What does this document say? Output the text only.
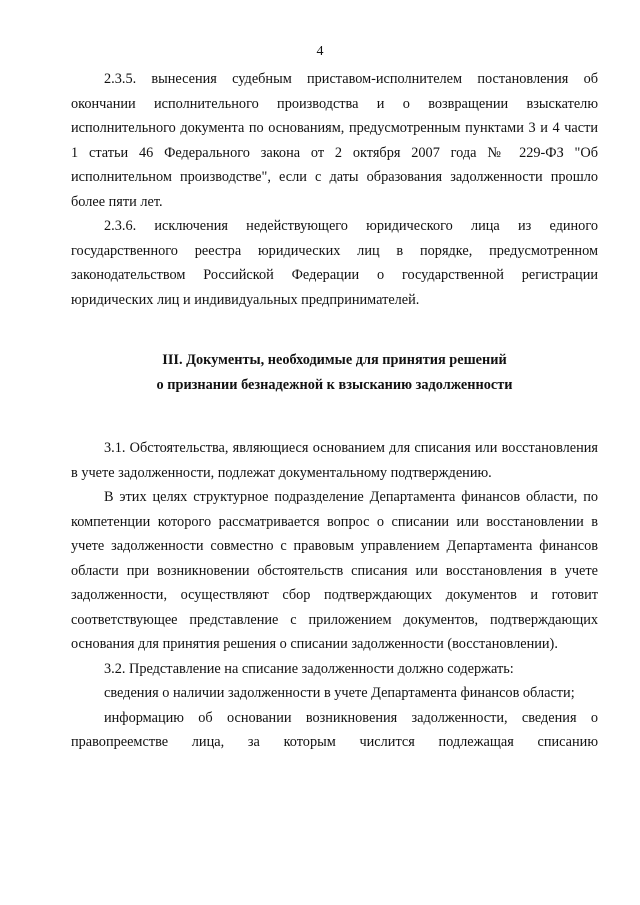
4

2.3.5. вынесения судебным приставом-исполнителем постановления об окончании исполнительного производства и о возвращении взыскателю исполнительного документа по основаниям, предусмотренным пунктами 3 и 4 части 1 статьи 46 Федерального закона от 2 октября 2007 года № 229-ФЗ "Об исполнительном производстве", если с даты образования задолженности прошло более пяти лет.

2.3.6. исключения недействующего юридического лица из единого государственного реестра юридических лиц в порядке, предусмотренном законодательством Российской Федерации о государственной регистрации юридических лиц и индивидуальных предпринимателей.

III. Документы, необходимые для принятия решений
о признании безнадежной к взысканию задолженности

3.1. Обстоятельства, являющиеся основанием для списания или восстановления в учете задолженности, подлежат документальному подтверждению.

В этих целях структурное подразделение Департамента финансов области, по компетенции которого рассматривается вопрос о списании или восстановлении в учете задолженности совместно с правовым управлением Департамента финансов области при возникновении обстоятельств списания или восстановления в учете задолженности, осуществляют сбор подтверждающих документов и готовит соответствующее представление с приложением документов, подтверждающих основания для принятия решения о списании задолженности (восстановлении).

3.2. Представление на списание задолженности должно содержать:

сведения о наличии задолженности в учете Департамента финансов области;

информацию об основании возникновения задолженности, сведения о правопреемстве лица, за которым числится подлежащая списанию
